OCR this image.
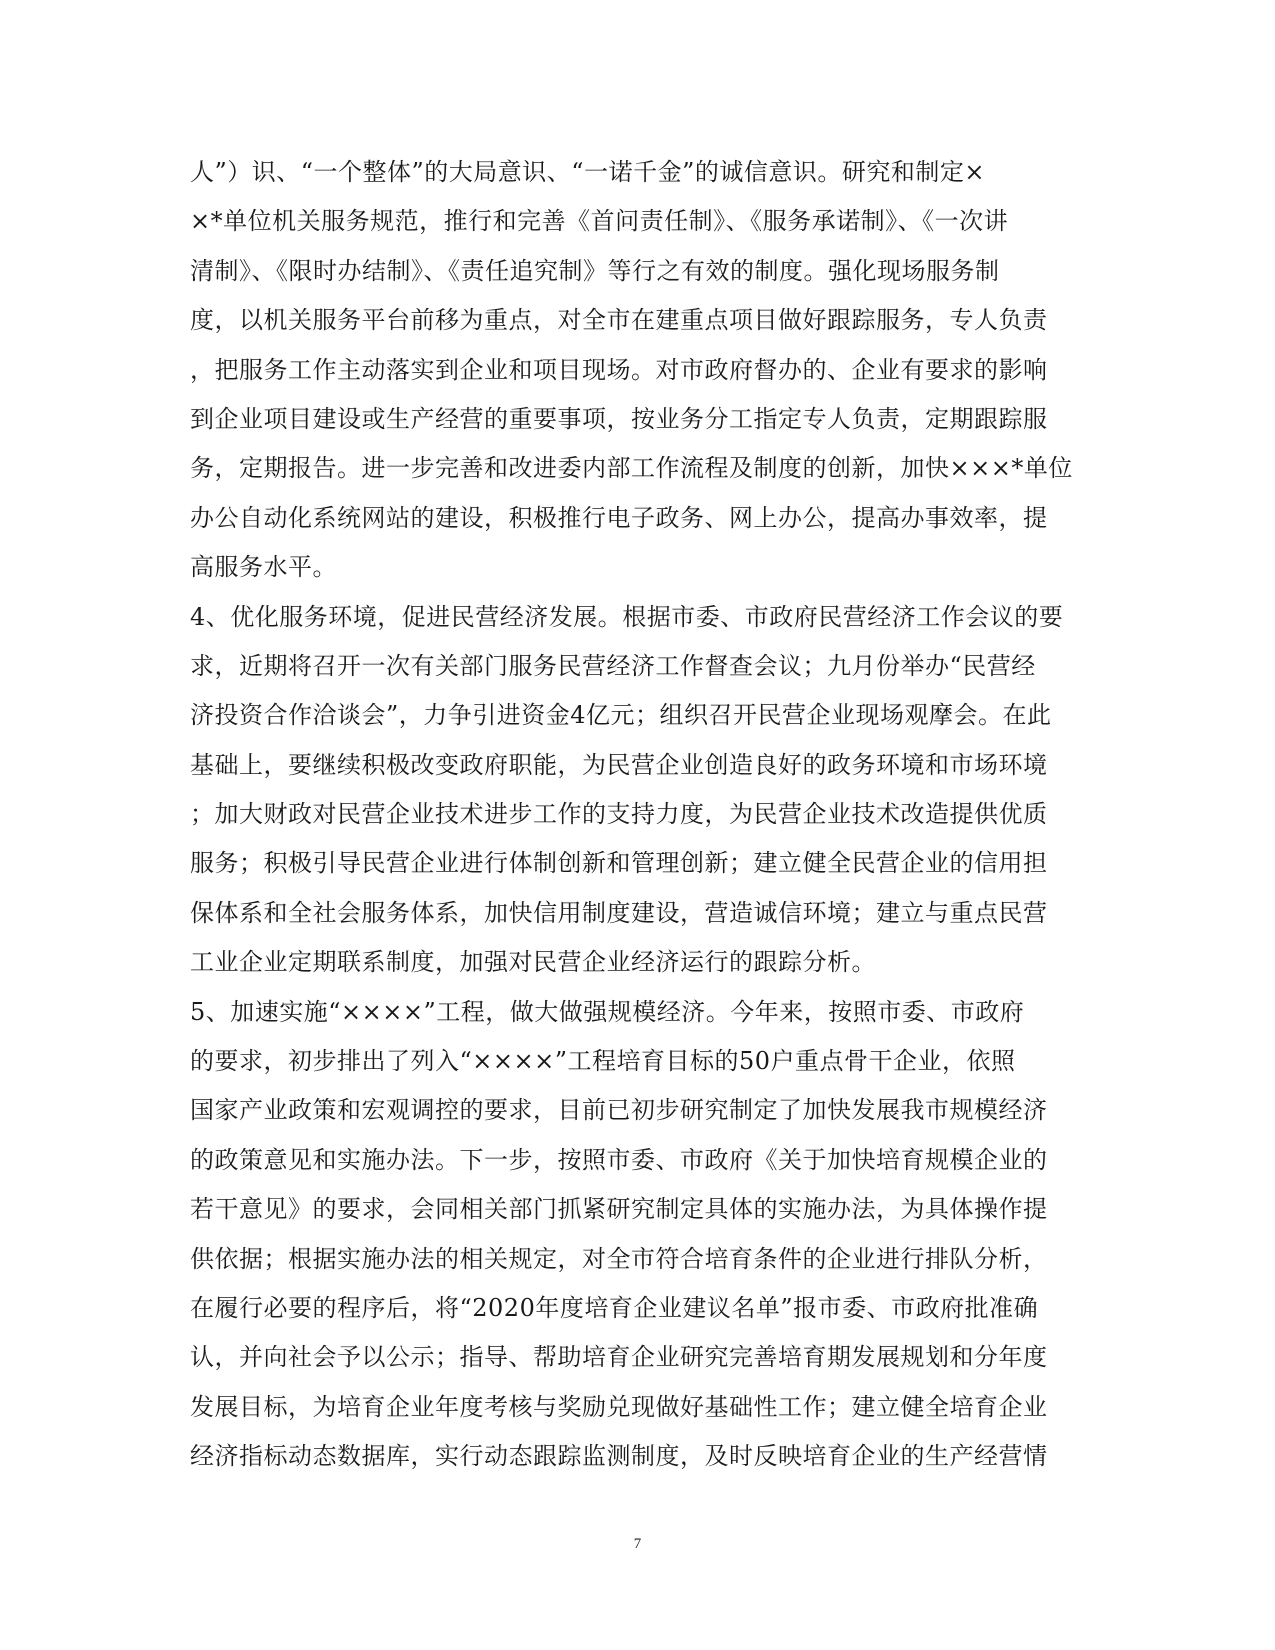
人”）识、“一个整体”的大局意识、“一诺千金”的诚信意识。研究和制定×
×*单位机关服务规范，推行和完善《首问责任制》、《服务承诺制》、《一次讲
清制》、《限时办结制》、《责任追究制》等行之有效的制度。强化现场服务制
度，以机关服务平台前移为重点，对全市在建重点项目做好跟踪服务，专人负责
，把服务工作主动落实到企业和项目现场。对市政府督办的、企业有要求的影响
到企业项目建设或生产经营的重要事项，按业务分工指定专人负责，定期跟踪服
务，定期报告。进一步完善和改进委内部工作流程及制度的创新，加快×××*单位
办公自动化系统网站的建设，积极推行电子政务、网上办公，提高办事效率，提
高服务水平。
4、优化服务环境，促进民营经济发展。根据市委、市政府民营经济工作会议的要
求，近期将召开一次有关部门服务民营经济工作督查会议；九月份举办“民营经
济投资合作洽谈会”，力争引进资金4亿元；组织召开民营企业现场观摩会。在此
基础上，要继续积极改变政府职能，为民营企业创造良好的政务环境和市场环境
；加大财政对民营企业技术进步工作的支持力度，为民营企业技术改造提供优质
服务；积极引导民营企业进行体制创新和管理创新；建立健全民营企业的信用担
保体系和全社会服务体系，加快信用制度建设，营造诚信环境；建立与重点民营
工业企业定期联系制度，加强对民营企业经济运行的跟踪分析。
5、加速实施“××××”工程，做大做强规模经济。今年来，按照市委、市政府
的要求，初步排出了列入“××××”工程培育目标的50户重点骨干企业，依照
国家产业政策和宏观调控的要求，目前已初步研究制定了加快发展我市规模经济
的政策意见和实施办法。下一步，按照市委、市政府《关于加快培育规模企业的
若干意见》的要求，会同相关部门抓紧研究制定具体的实施办法，为具体操作提
供依据；根据实施办法的相关规定，对全市符合培育条件的企业进行排队分析，
在履行必要的程序后，将“2020年度培育企业建议名单”报市委、市政府批准确
认，并向社会予以公示；指导、帮助培育企业研究完善培育期发展规划和分年度
发展目标，为培育企业年度考核与奖励兑现做好基础性工作；建立健全培育企业
经济指标动态数据库，实行动态跟踪监测制度，及时反映培育企业的生产经营情
7
